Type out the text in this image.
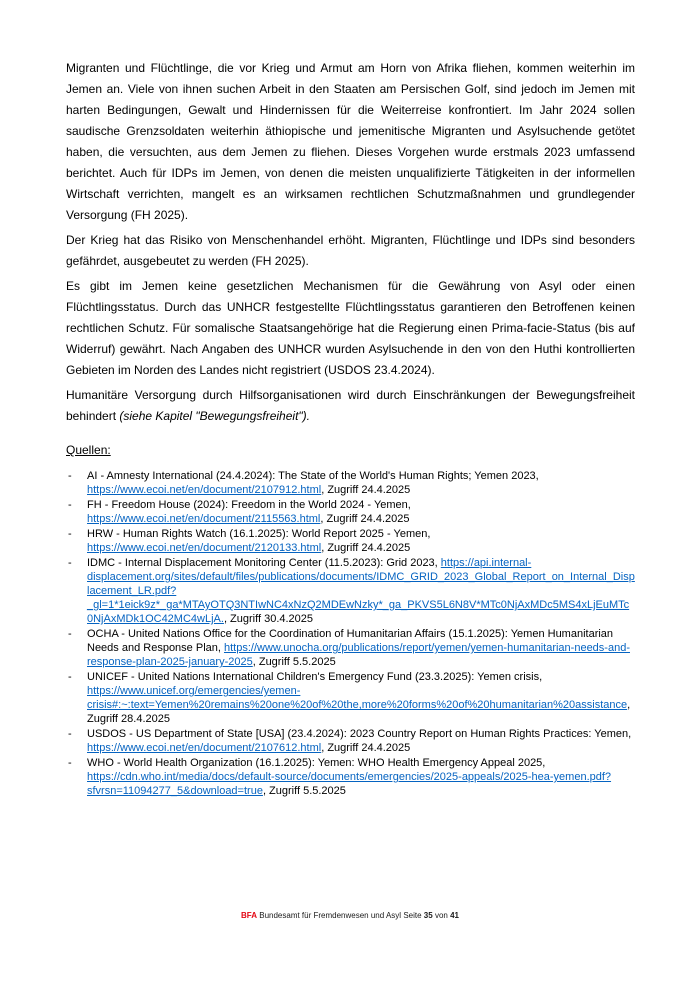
Migranten und Flüchtlinge, die vor Krieg und Armut am Horn von Afrika fliehen, kommen weiterhin im Jemen an. Viele von ihnen suchen Arbeit in den Staaten am Persischen Golf, sind jedoch im Jemen mit harten Bedingungen, Gewalt und Hindernissen für die Weiterreise konfrontiert. Im Jahr 2024 sollen saudische Grenzsoldaten weiterhin äthiopische und jemenitische Migranten und Asylsuchende getötet haben, die versuchten, aus dem Jemen zu fliehen. Dieses Vorgehen wurde erstmals 2023 umfassend berichtet. Auch für IDPs im Jemen, von denen die meisten unqualifizierte Tätigkeiten in der informellen Wirtschaft verrichten, mangelt es an wirksamen rechtlichen Schutzmaßnahmen und grundlegender Versorgung (FH 2025).

Der Krieg hat das Risiko von Menschenhandel erhöht. Migranten, Flüchtlinge und IDPs sind besonders gefährdet, ausgebeutet zu werden (FH 2025).

Es gibt im Jemen keine gesetzlichen Mechanismen für die Gewährung von Asyl oder einen Flüchtlingsstatus. Durch das UNHCR festgestellte Flüchtlingsstatus garantieren den Betroffenen keinen rechtlichen Schutz. Für somalische Staatsangehörige hat die Regierung einen Prima-facie-Status (bis auf Widerruf) gewährt. Nach Angaben des UNHCR wurden Asylsuchende in den von den Huthi kontrollierten Gebieten im Norden des Landes nicht registriert (USDOS 23.4.2024).

Humanitäre Versorgung durch Hilfsorganisationen wird durch Einschränkungen der Bewegungsfreiheit behindert (siehe Kapitel "Bewegungsfreiheit").

Quellen:
- AI - Amnesty International (24.4.2024): The State of the World's Human Rights; Yemen 2023, https://www.ecoi.net/en/document/2107912.html, Zugriff 24.4.2025
- FH - Freedom House (2024): Freedom in the World 2024 - Yemen, https://www.ecoi.net/en/document/2115563.html, Zugriff 24.4.2025
- HRW - Human Rights Watch (16.1.2025): World Report 2025 - Yemen, https://www.ecoi.net/en/document/2120133.html, Zugriff 24.4.2025
- IDMC - Internal Displacement Monitoring Center (11.5.2023): Grid 2023, https://api.internal-displacement.org/sites/default/files/publications/documents/IDMC_GRID_2023_Global_Report_on_Internal_Displacement_LR.pdf?_gl=1*1eick9z*_ga*MTAyOTQ3NTIwNC4xNzQ2MDEwNzky*_ga_PKVS5L6N8V*MTc0NjAxMDc5MS4xLjEuMTc0NjAxMDk1OC42MC4wLjA., Zugriff 30.4.2025
- OCHA - United Nations Office for the Coordination of Humanitarian Affairs (15.1.2025): Yemen Humanitarian Needs and Response Plan, https://www.unocha.org/publications/report/yemen/yemen-humanitarian-needs-and-response-plan-2025-january-2025, Zugriff 5.5.2025
- UNICEF - United Nations International Children's Emergency Fund (23.3.2025): Yemen crisis, https://www.unicef.org/emergencies/yemen-crisis#:~:text=Yemen%20remains%20one%20of%20the,more%20forms%20of%20humanitarian%20assistance, Zugriff 28.4.2025
- USDOS - US Department of State [USA] (23.4.2024): 2023 Country Report on Human Rights Practices: Yemen, https://www.ecoi.net/en/document/2107612.html, Zugriff 24.4.2025
- WHO - World Health Organization (16.1.2025): Yemen: WHO Health Emergency Appeal 2025, https://cdn.who.int/media/docs/default-source/documents/emergencies/2025-appeals/2025-hea-yemen.pdf?sfvrsn=11094277_5&download=true, Zugriff 5.5.2025
BFA Bundesamt für Fremdenwesen und Asyl Seite 35 von 41
